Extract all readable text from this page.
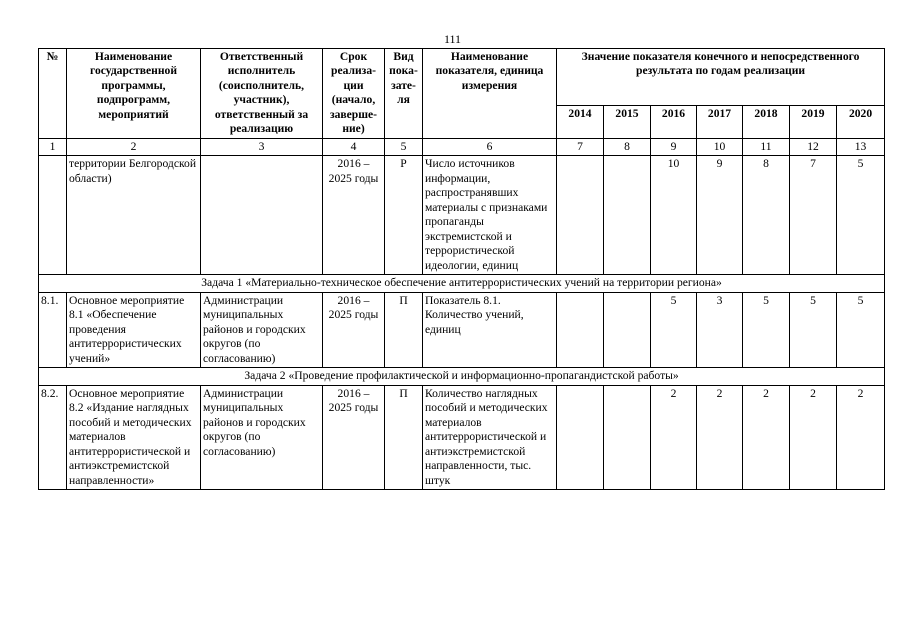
111
№	Наименование государственной программы, подпрограмм, мероприятий	Ответственный исполнитель (соисполнитель, участник), ответственный за реализацию	Срок реализа-ции (начало, заверше-ние)	Вид пока-зате-ля	Наименование показателя, единица измерения	Значение показателя конечного и непосредственного результата по годам реализации						
						2014	2015	2016	2017	2018	2019	2020
1	2	3	4	5	6	7	8	9	10	11	12	13
	территории Белгородской области)		2016 – 2025 годы	Р	Число источников информации, распространявших материалы с признаками пропаганды экстремистской и террористической идеологии, единиц			10	9	8	7	5
Задача 1 «Материально-техническое обеспечение антитеррористических учений на территории региона»												
8.1.	Основное мероприятие 8.1 «Обеспечение проведения антитеррористических учений»	Администрации муниципальных районов и городских округов (по согласованию)	2016 – 2025 годы	П	Показатель 8.1. Количество учений, единиц			5	3	5	5	5
Задача 2 «Проведение профилактической и информационно-пропагандистской работы»												
8.2.	Основное мероприятие 8.2 «Издание наглядных пособий и методических материалов антитеррористической и антиэкстремистской направленности»	Администрации муниципальных районов и городских округов (по согласованию)	2016 – 2025 годы	П	Количество наглядных пособий и методических материалов антитеррористической и антиэкстремистской направленности, тыс. штук			2	2	2	2	2
